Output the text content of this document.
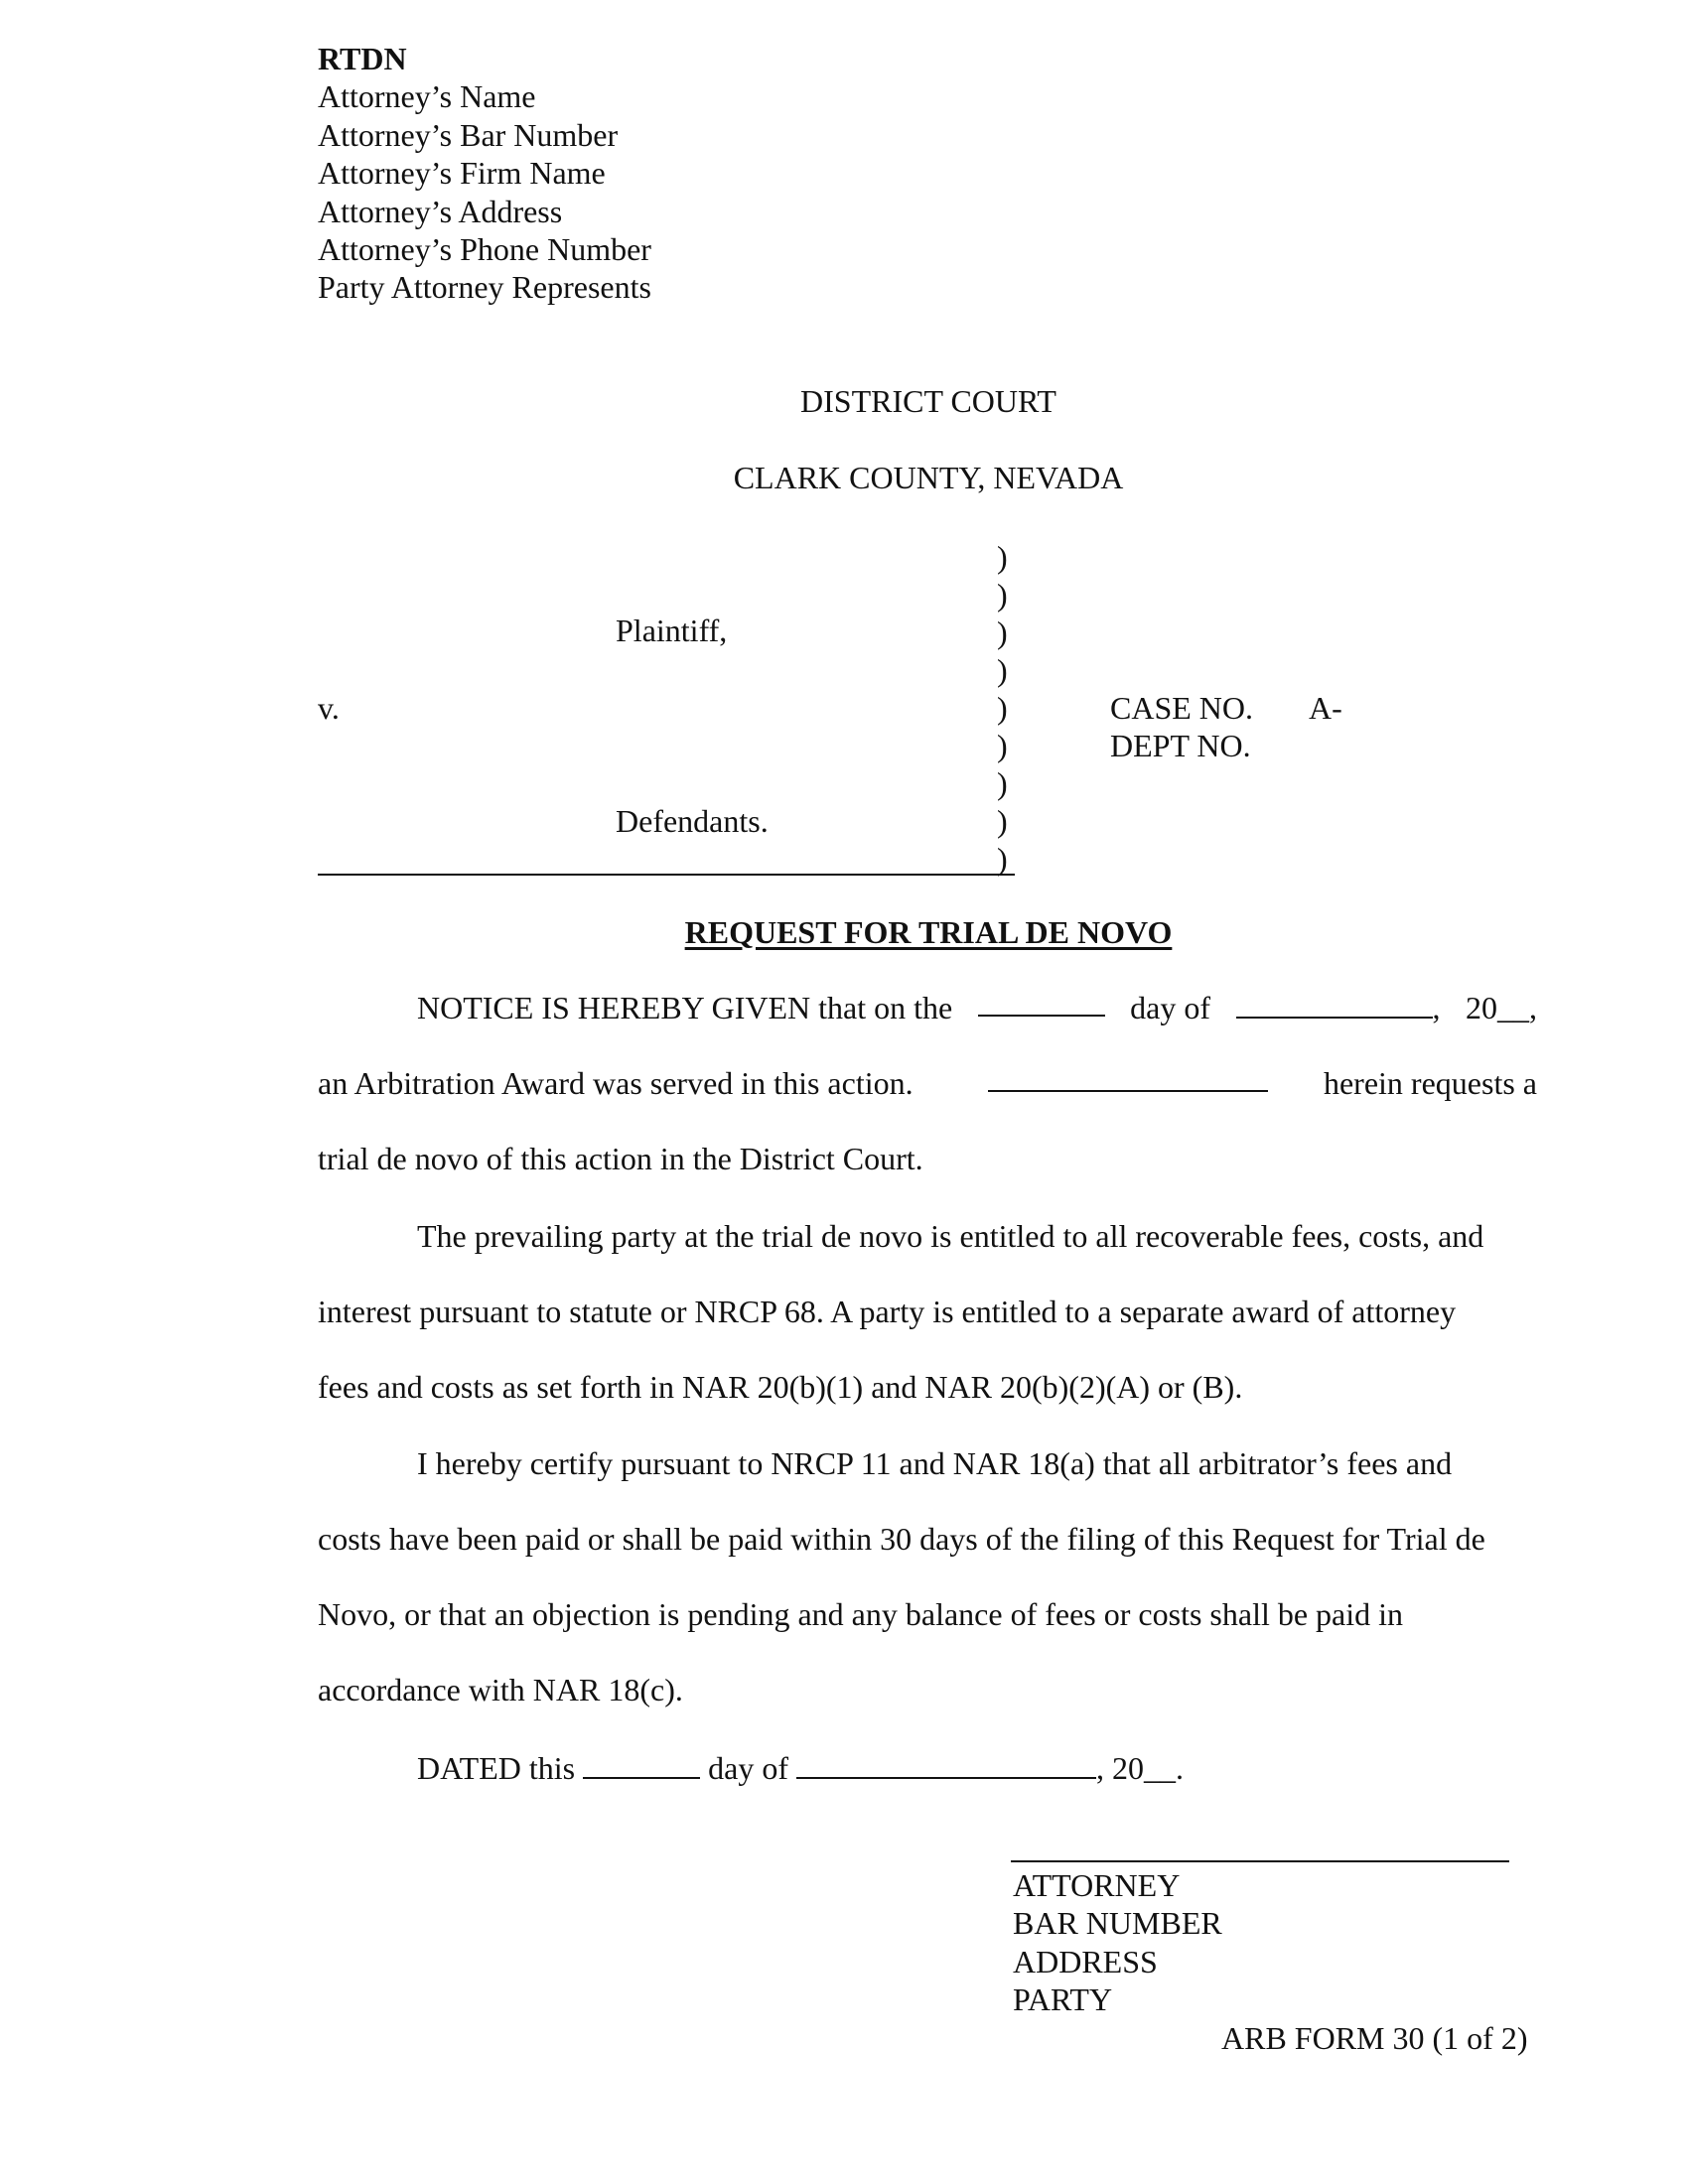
RTDN
Attorney’s Name
Attorney’s Bar Number
Attorney’s Firm Name
Attorney’s Address
Attorney’s Phone Number
Party Attorney Represents
DISTRICT COURT
CLARK COUNTY, NEVADA
Plaintiff,
v.
Defendants.
)
)
)
)
)
)
)
)
)
CASE NO. A-
DEPT NO.
REQUEST FOR TRIAL DE NOVO
NOTICE IS HEREBY GIVEN that on the	day of	, 20__,
an Arbitration Award was served in this action.	herein requests a
trial de novo of this action in the District Court.
The prevailing party at the trial de novo is entitled to all recoverable fees, costs, and
interest pursuant to statute or NRCP 68. A party is entitled to a separate award of attorney
fees and costs as set forth in NAR 20(b)(1) and NAR 20(b)(2)(A) or (B).
I hereby certify pursuant to NRCP 11 and NAR 18(a) that all arbitrator’s fees and
costs have been paid or shall be paid within 30 days of the filing of this Request for Trial de
Novo, or that an objection is pending and any balance of fees or costs shall be paid in
accordance with NAR 18(c).
DATED this	day of	, 20__.
ATTORNEY
BAR NUMBER
ADDRESS
PARTY
ARB FORM 30 (1 of 2)
